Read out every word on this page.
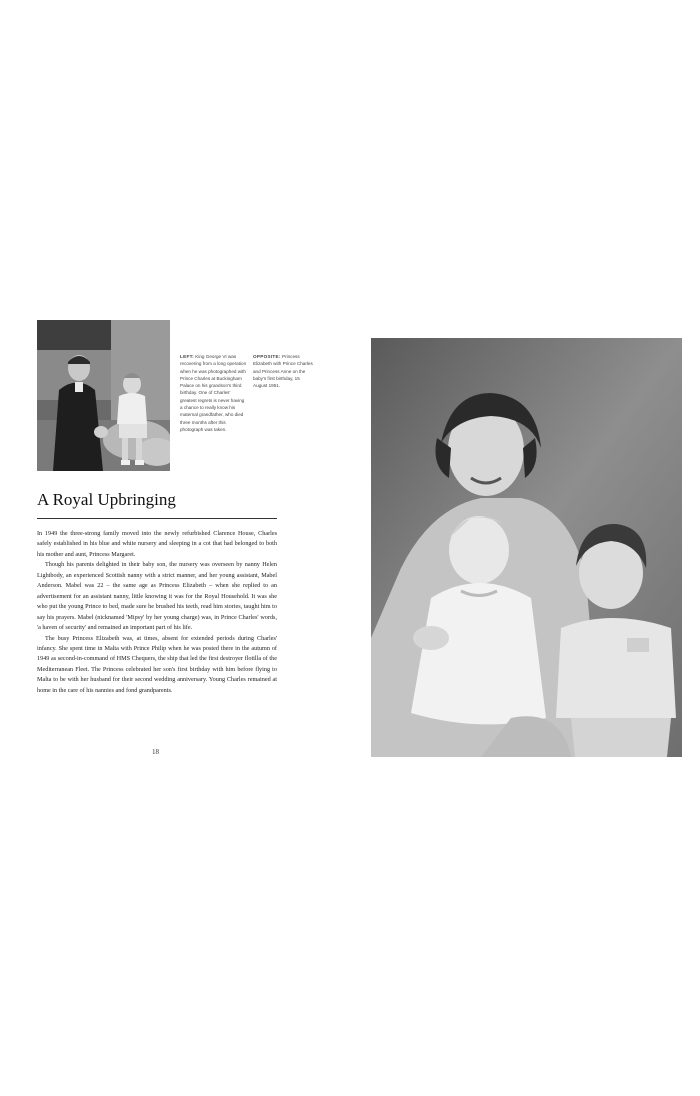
LEFT: King George VI was recovering from a long operation when he was photographed with Prince Charles at Buckingham Palace on his grandson's third birthday. One of Charles' greatest regrets is never having a chance to really know his maternal grandfather, who died three months after this photograph was taken.
OPPOSITE: Princess Elizabeth with Prince Charles and Princess Anne on the baby's first birthday, 15 August 1951.
A Royal Upbringing

In 1949 the three-strong family moved into the newly refurbished Clarence House, Charles safely established in his blue and white nursery and sleeping in a cot that had belonged to both his mother and aunt, Princess Margaret.

Though his parents delighted in their baby son, the nursery was overseen by nanny Helen Lightbody, an experienced Scottish nanny with a strict manner, and her young assistant, Mabel Anderson. Mabel was 22 – the same age as Princess Elizabeth – when she replied to an advertisement for an assistant nanny, little knowing it was for the Royal Household. It was she who put the young Prince to bed, made sure he brushed his teeth, read him stories, taught him to say his prayers. Mabel (nicknamed 'Mipsy' by her young charge) was, in Prince Charles' words, 'a haven of security' and remained an important part of his life.

The busy Princess Elizabeth was, at times, absent for extended periods during Charles' infancy. She spent time in Malta with Prince Philip when he was posted there in the autumn of 1949 as second-in-command of HMS Chequers, the ship that led the first destroyer flotilla of the Mediterranean Fleet. The Princess celebrated her son's first birthday with him before flying to Malta to be with her husband for their second wedding anniversary. Young Charles remained at home in the care of his nannies and fond grandparents.

18
